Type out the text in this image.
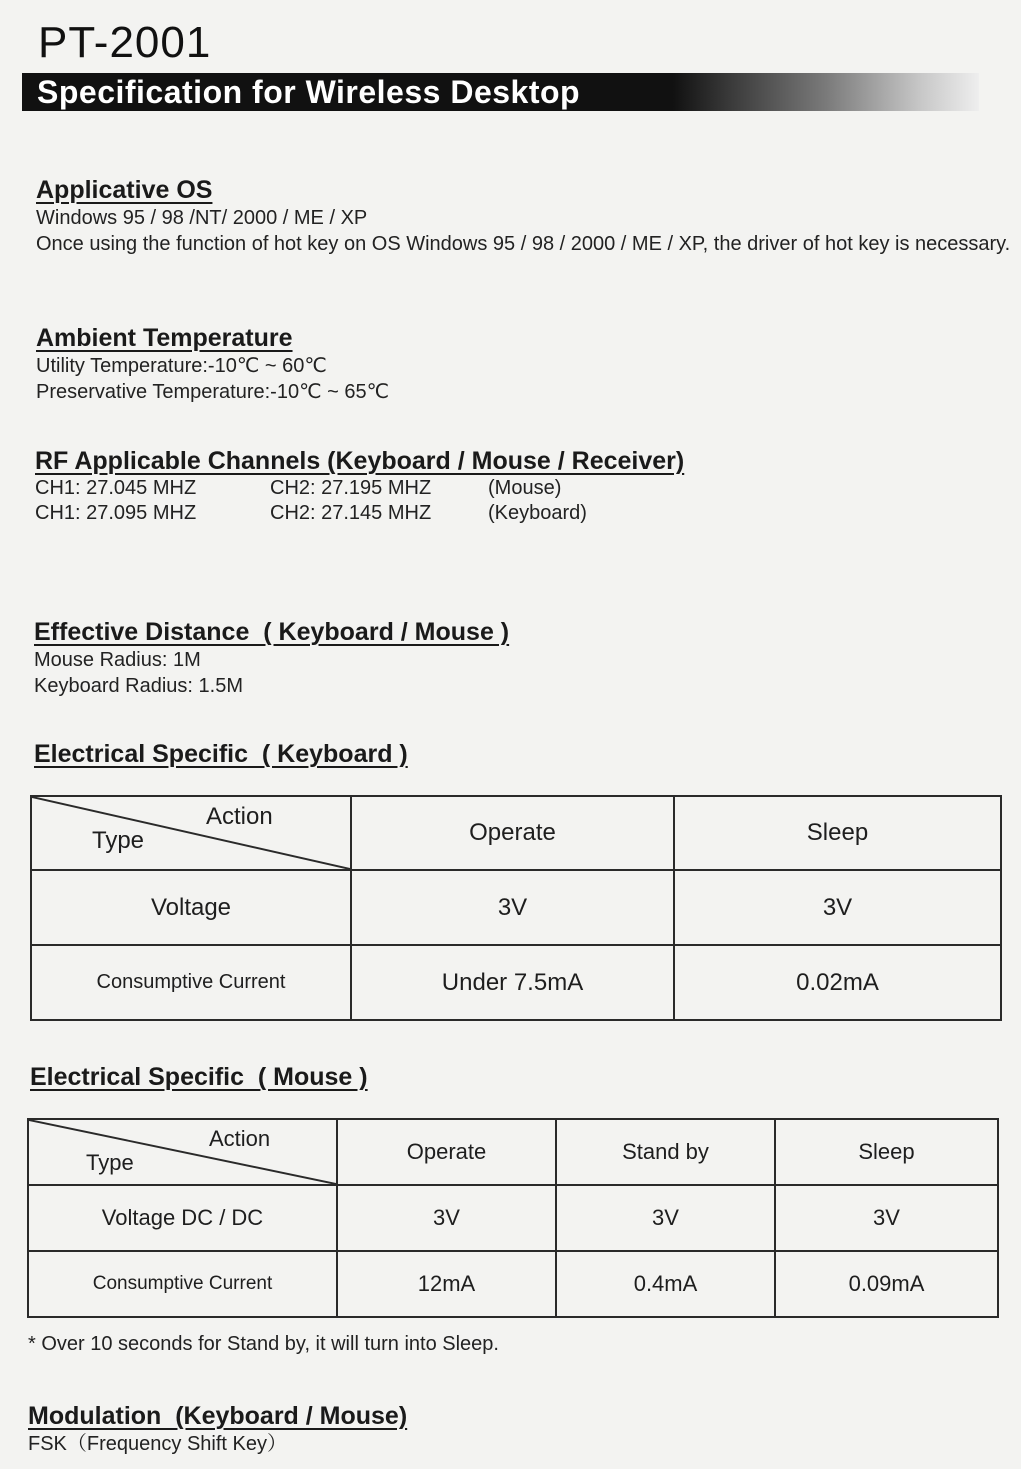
PT-2001
Specification for Wireless Desktop
Applicative OS

Windows 95 / 98 /NT/ 2000 / ME / XP

Once using the function of hot key on OS Windows 95 / 98 / 2000 / ME / XP, the driver of hot key is necessary.

Ambient Temperature

Utility Temperature:-10℃ ~ 60℃

Preservative Temperature:-10℃ ~ 65℃

RF Applicable Channels (Keyboard / Mouse / Receiver)
CH1: 27.045 MHZ	CH2: 27.195 MHZ	(Mouse)
CH1: 27.095 MHZ	CH2: 27.145 MHZ	(Keyboard)
Effective Distance  ( Keyboard / Mouse )

Mouse Radius: 1M

Keyboard Radius: 1.5M

Electrical Specific  ( Keyboard )
Action
Type	Operate	Sleep
Voltage	3V	3V
Consumptive Current	Under 7.5mA	0.02mA
Electrical Specific  ( Mouse )
Action
Type	Operate	Stand by	Sleep
Voltage DC / DC	3V	3V	3V
Consumptive Current	12mA	0.4mA	0.09mA
* Over 10 seconds for Stand by, it will turn into Sleep.
Modulation  (Keyboard / Mouse)

FSK（Frequency Shift Key）
